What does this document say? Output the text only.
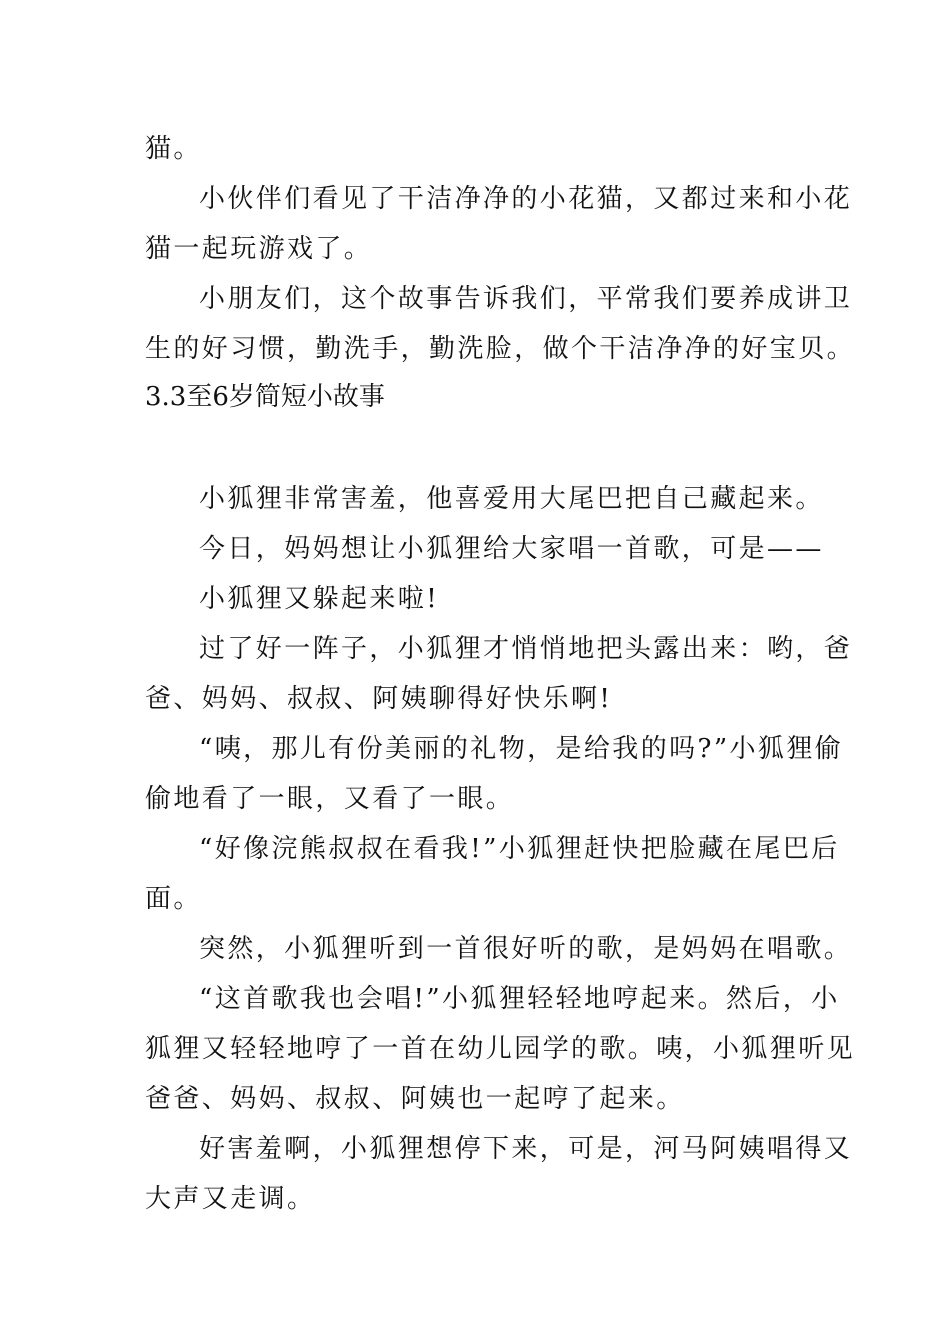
猫。
小伙伴们看见了干洁净净的小花猫，又都过来和小花
猫一起玩游戏了。
小朋友们，这个故事告诉我们，平常我们要养成讲卫
生的好习惯，勤洗手，勤洗脸，做个干洁净净的好宝贝。
3.3至6岁简短小故事
小狐狸非常害羞，他喜爱用大尾巴把自己藏起来。
今日，妈妈想让小狐狸给大家唱一首歌，可是——
小狐狸又躲起来啦!
过了好一阵子，小狐狸才悄悄地把头露出来：哟，爸
爸、妈妈、叔叔、阿姨聊得好快乐啊!
“咦，那儿有份美丽的礼物，是给我的吗?”小狐狸偷
偷地看了一眼，又看了一眼。
“好像浣熊叔叔在看我!”小狐狸赶快把脸藏在尾巴后
面。
突然，小狐狸听到一首很好听的歌，是妈妈在唱歌。
“这首歌我也会唱!”小狐狸轻轻地哼起来。然后，小
狐狸又轻轻地哼了一首在幼儿园学的歌。咦，小狐狸听见
爸爸、妈妈、叔叔、阿姨也一起哼了起来。
好害羞啊，小狐狸想停下来，可是，河马阿姨唱得又
大声又走调。
